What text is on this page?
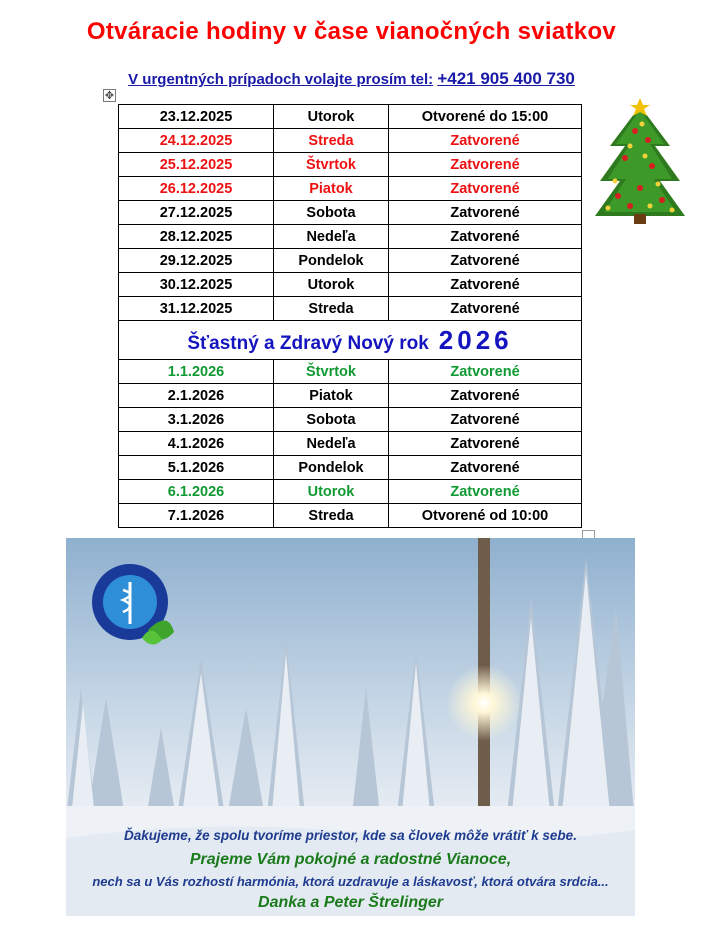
Otváracie hodiny v čase vianočných sviatkov
V urgentných prípadoch volajte prosím tel: +421 905 400 730
✥
23.12.2025	Utorok	Otvorené do 15:00
24.12.2025	Streda	Zatvorené
25.12.2025	Štvrtok	Zatvorené
26.12.2025	Piatok	Zatvorené
27.12.2025	Sobota	Zatvorené
28.12.2025	Nedeľa	Zatvorené
29.12.2025	Pondelok	Zatvorené
30.12.2025	Utorok	Zatvorené
31.12.2025	Streda	Zatvorené
Šťastný a Zdravý Nový rok 2026		
1.1.2026	Štvrtok	Zatvorené
2.1.2026	Piatok	Zatvorené
3.1.2026	Sobota	Zatvorené
4.1.2026	Nedeľa	Zatvorené
5.1.2026	Pondelok	Zatvorené
6.1.2026	Utorok	Zatvorené
7.1.2026	Streda	Otvorené od 10:00
Ďakujeme, že spolu tvoríme priestor, kde sa človek môže vrátiť k sebe.
Prajeme Vám pokojné a radostné Vianoce,
nech sa u Vás rozhostí harmónia, ktorá uzdravuje a láskavosť, ktorá otvára srdcia...
Danka a Peter Štrelinger
